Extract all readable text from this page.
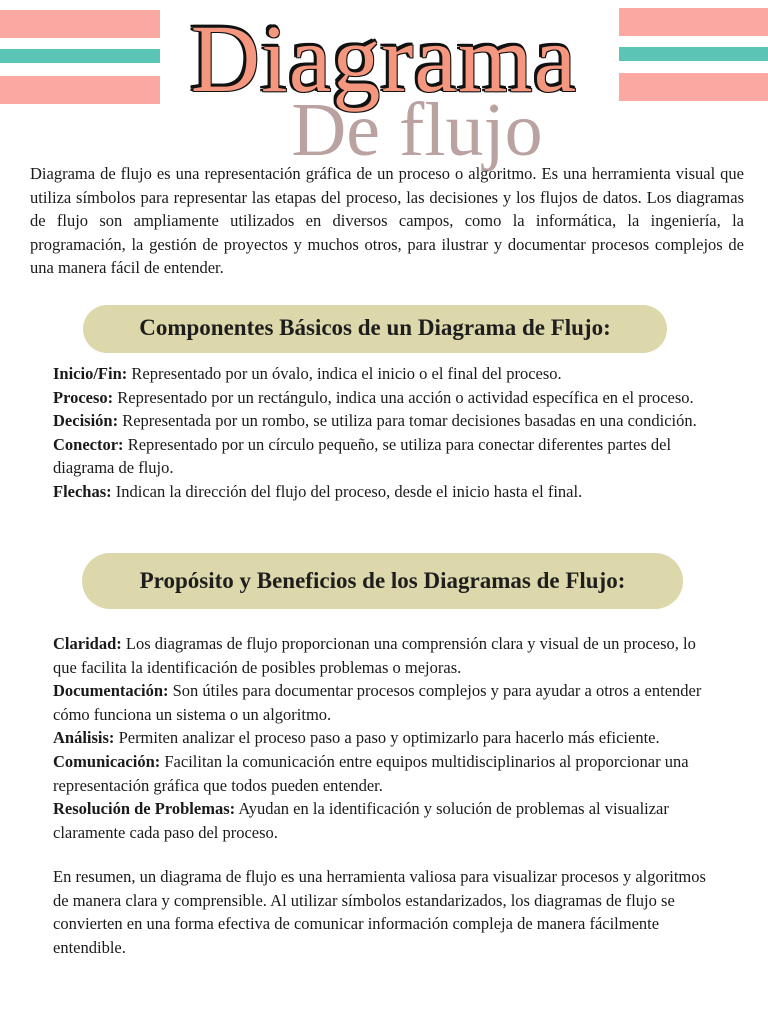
De flujo
Diagrama

Diagrama de flujo es una representación gráfica de un proceso o algoritmo. Es una herramienta visual que utiliza símbolos para representar las etapas del proceso, las decisiones y los flujos de datos. Los diagramas de flujo son ampliamente utilizados en diversos campos, como la informática, la ingeniería, la programación, la gestión de proyectos y muchos otros, para ilustrar y documentar procesos complejos de una manera fácil de entender.

Componentes Básicos de un Diagrama de Flujo:
Inicio/Fin: Representado por un óvalo, indica el inicio o el final del proceso.
Proceso: Representado por un rectángulo, indica una acción o actividad específica en el proceso.
Decisión: Representada por un rombo, se utiliza para tomar decisiones basadas en una condición.
Conector: Representado por un círculo pequeño, se utiliza para conectar diferentes partes del diagrama de flujo.
Flechas: Indican la dirección del flujo del proceso, desde el inicio hasta el final.
Propósito y Beneficios de los Diagramas de Flujo:
Claridad: Los diagramas de flujo proporcionan una comprensión clara y visual de un proceso, lo que facilita la identificación de posibles problemas o mejoras.
Documentación: Son útiles para documentar procesos complejos y para ayudar a otros a entender cómo funciona un sistema o un algoritmo.
Análisis: Permiten analizar el proceso paso a paso y optimizarlo para hacerlo más eficiente.
Comunicación: Facilitan la comunicación entre equipos multidisciplinarios al proporcionar una representación gráfica que todos pueden entender.
Resolución de Problemas: Ayudan en la identificación y solución de problemas al visualizar claramente cada paso del proceso.

En resumen, un diagrama de flujo es una herramienta valiosa para visualizar procesos y algoritmos de manera clara y comprensible. Al utilizar símbolos estandarizados, los diagramas de flujo se convierten en una forma efectiva de comunicar información compleja de manera fácilmente entendible.
